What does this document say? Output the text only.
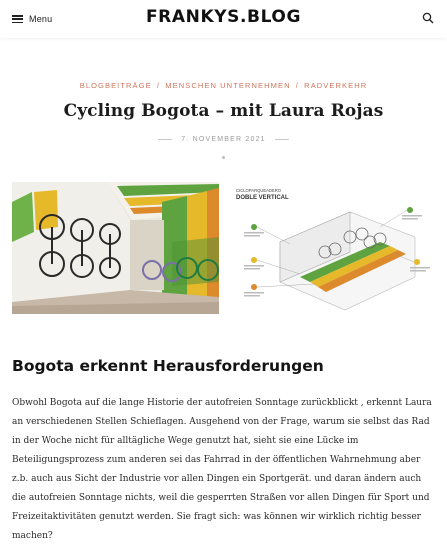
Menu	FRANKYS.BLOG
BLOGBEITRÄGE / MENSCHEN UNTERNEHMEN / RADVERKEHR
Cycling Bogota – mit Laura Rojas
7. NOVEMBER 2021
CICLOPARQUEADERO
DOBLE VERTICAL
Bogota erkennt Herausforderungen

Obwohl Bogota auf die lange Historie der autofreien Sonntage zurückblickt , erkennt Laura an verschiedenen Stellen Schieflagen. Ausgehend von der Frage, warum sie selbst das Rad in der Woche nicht für alltägliche Wege genutzt hat, sieht sie eine Lücke im Beteiligungsprozess zum anderen sei das Fahrrad in der öffentlichen Wahrnehmung aber z.b. auch aus Sicht der Industrie vor allen Dingen ein Sportgerät. und daran ändern auch die autofreien Sonntage nichts, weil die gesperrten Straßen vor allen Dingen für Sport und Freizeitaktivitäten genutzt werden. Sie fragt sich: was können wir wirklich richtig besser machen?
